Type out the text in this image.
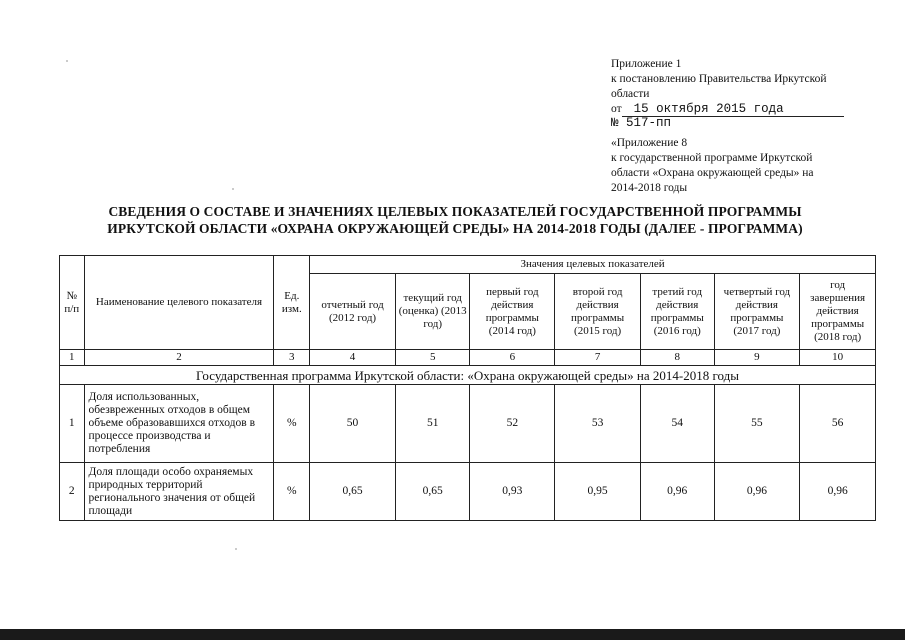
Приложение 1
к постановлению Правительства Иркутской
области
от 15 октября 2015 года
№ 517-пп
«Приложение 8
к государственной программе Иркутской
области «Охрана окружающей среды» на
2014-2018 годы
СВЕДЕНИЯ О СОСТАВЕ И ЗНАЧЕНИЯХ ЦЕЛЕВЫХ ПОКАЗАТЕЛЕЙ ГОСУДАРСТВЕННОЙ ПРОГРАММЫ
ИРКУТСКОЙ ОБЛАСТИ «ОХРАНА ОКРУЖАЮЩЕЙ СРЕДЫ» НА 2014-2018 ГОДЫ (ДАЛЕЕ - ПРОГРАММА)
№ п/п	Наименование целевого показателя	Ед. изм.	Значения целевых показателей						
			отчетный год (2012 год)	текущий год (оценка) (2013 год)	первый год действия программы (2014 год)	второй год действия программы (2015 год)	третий год действия программы (2016 год)	четвертый год действия программы (2017 год)	год завершения действия программы (2018 год)
1	2	3	4	5	6	7	8	9	10
Государственная программа Иркутской области: «Охрана окружающей среды» на 2014-2018 годы									
1	Доля использованных, обезвреженных отходов в общем объеме образовавшихся отходов в процессе производства и потребления	%	50	51	52	53	54	55	56
2	Доля площади особо охраняемых природных территорий регионального значения от общей площади	%	0,65	0,65	0,93	0,95	0,96	0,96	0,96
